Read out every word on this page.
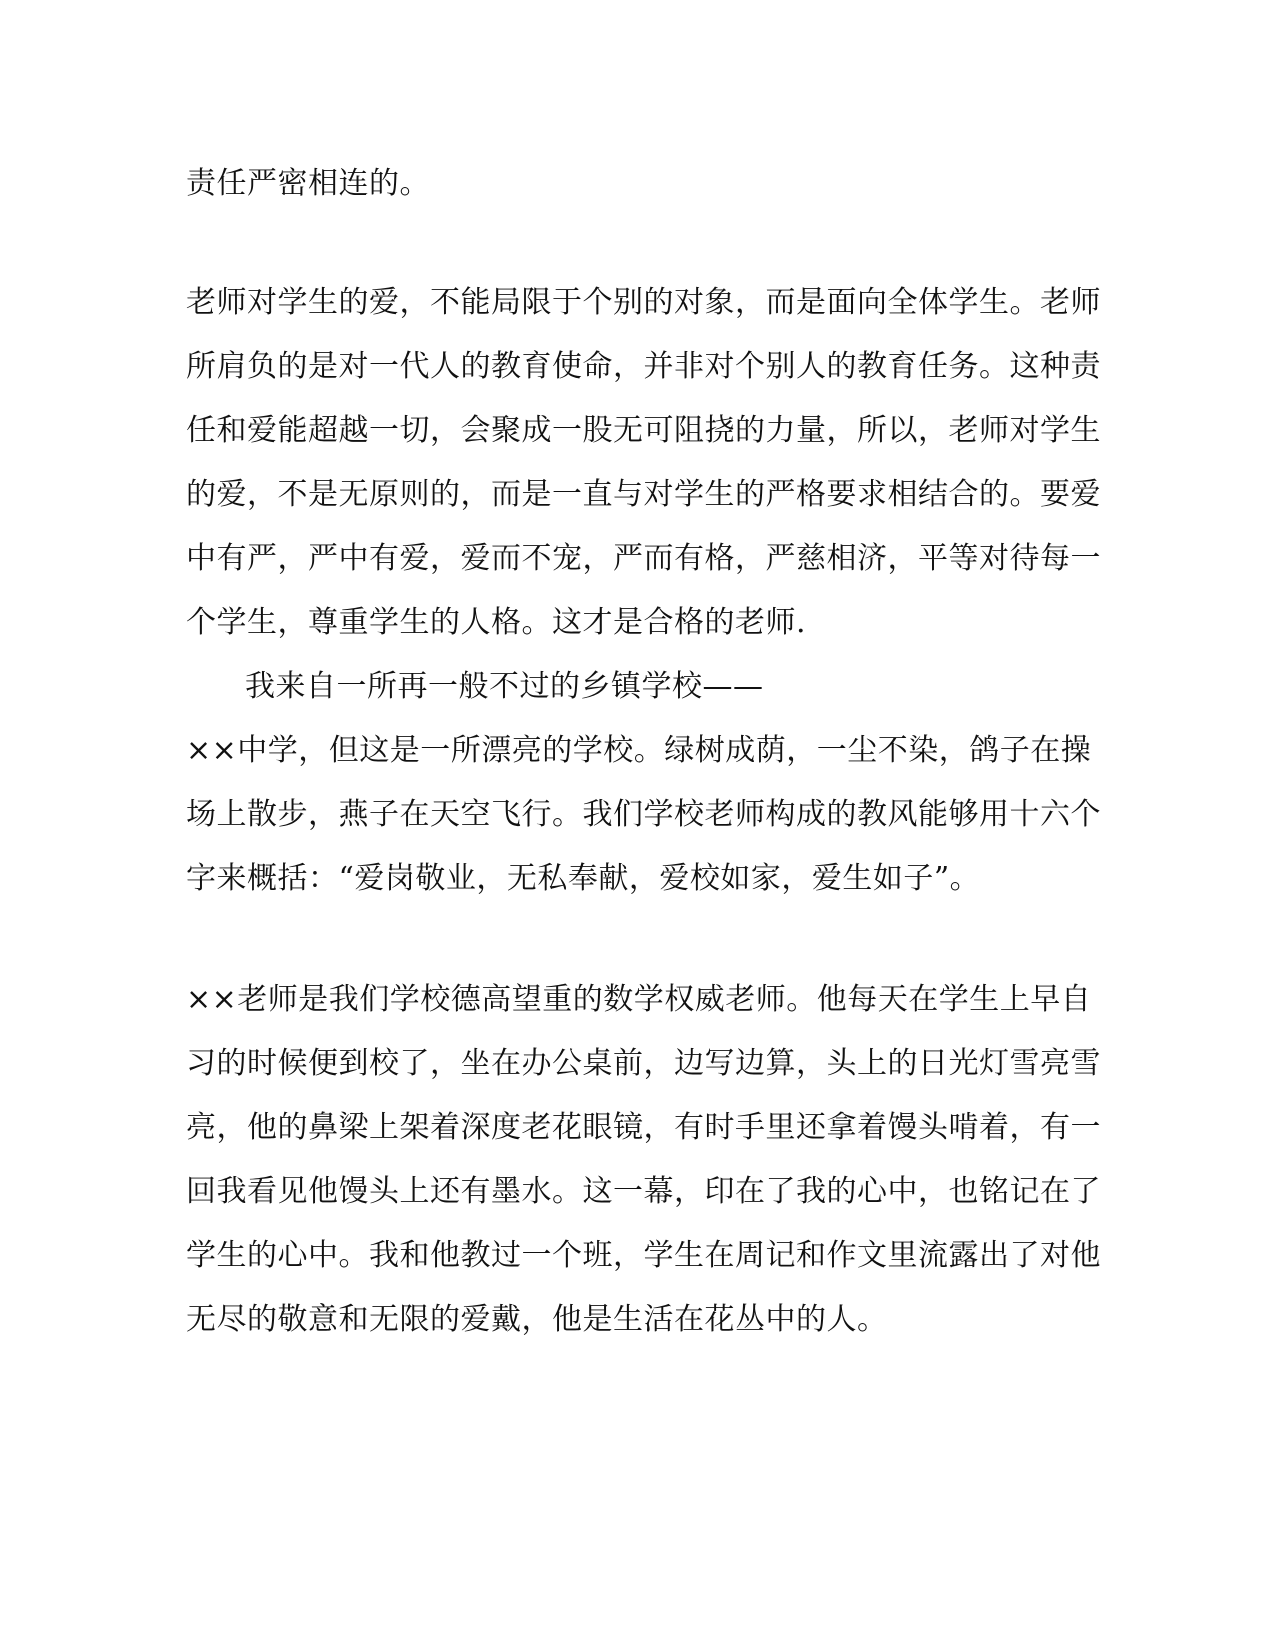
责任严密相连的。
老师对学生的爱，不能局限于个别的对象，而是面向全体学生。老师
所肩负的是对一代人的教育使命，并非对个别人的教育任务。这种责
任和爱能超越一切，会聚成一股无可阻挠的力量，所以，老师对学生
的爱，不是无原则的，而是一直与对学生的严格要求相结合的。要爱
中有严，严中有爱，爱而不宠，严而有格，严慈相济，平等对待每一
个学生，尊重学生的人格。这才是合格的老师.
我来自一所再一般不过的乡镇学校——
××中学，但这是一所漂亮的学校。绿树成荫，一尘不染，鸽子在操
场上散步，燕子在天空飞行。我们学校老师构成的教风能够用十六个
字来概括：“爱岗敬业，无私奉献，爱校如家，爱生如子”。
××老师是我们学校德高望重的数学权威老师。他每天在学生上早自
习的时候便到校了，坐在办公桌前，边写边算，头上的日光灯雪亮雪
亮，他的鼻梁上架着深度老花眼镜，有时手里还拿着馒头啃着，有一
回我看见他馒头上还有墨水。这一幕，印在了我的心中，也铭记在了
学生的心中。我和他教过一个班，学生在周记和作文里流露出了对他
无尽的敬意和无限的爱戴，他是生活在花丛中的人。
